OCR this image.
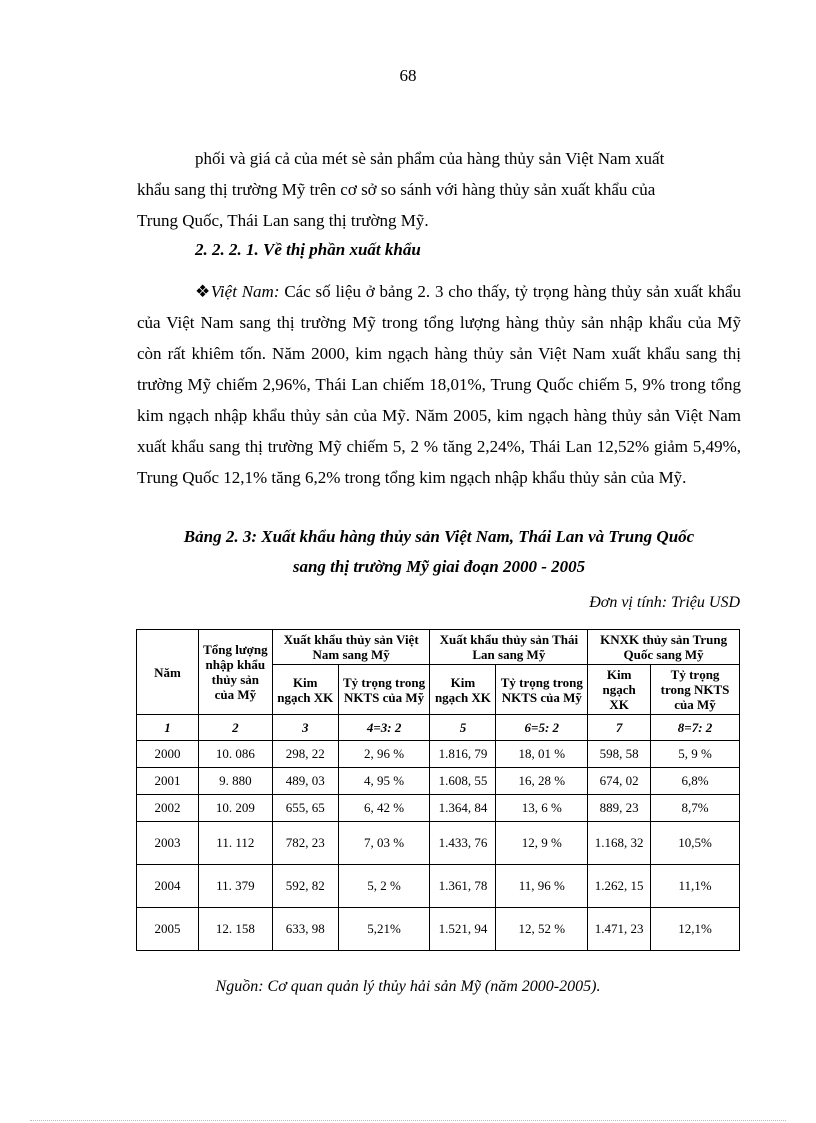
68
phối và giá cả của mét sè sản phẩm của hàng thủy sản Việt Nam xuất
khẩu sang thị trường Mỹ trên cơ sở so sánh với hàng thủy sản xuất khẩu của
Trung Quốc, Thái Lan sang thị trường Mỹ.
2. 2. 2. 1. Về thị phần xuất khẩu
❖Việt Nam: Các số liệu ở bảng 2. 3 cho thấy, tỷ trọng hàng thủy sản xuất khẩu của Việt Nam sang thị trường Mỹ trong tổng lượng hàng thủy sản nhập khẩu của Mỹ còn rất khiêm tốn. Năm 2000, kim ngạch hàng thủy sản Việt Nam xuất khẩu sang thị trường Mỹ chiếm 2,96%, Thái Lan chiếm 18,01%, Trung Quốc chiếm 5, 9% trong tổng kim ngạch nhập khẩu thủy sản của Mỹ. Năm 2005, kim ngạch hàng thủy sản Việt Nam xuất khẩu sang thị trường Mỹ chiếm 5, 2 % tăng 2,24%, Thái Lan 12,52% giảm 5,49%, Trung Quốc 12,1% tăng 6,2% trong tổng kim ngạch nhập khẩu thủy sản của Mỹ.
Bảng 2. 3: Xuất khẩu hàng thủy sản Việt Nam, Thái Lan và Trung Quốc
sang thị trường Mỹ giai đoạn 2000 - 2005
Đơn vị tính: Triệu USD
Năm	Tổng lượng nhập khẩu thủy sản của Mỹ	Xuất khẩu thủy sản Việt Nam sang Mỹ		Xuất khẩu thủy sản Thái Lan sang Mỹ		KNXK thủy sản Trung Quốc sang Mỹ	
		Kim ngạch XK	Tỷ trọng trong NKTS của Mỹ	Kim ngạch XK	Tỷ trọng trong NKTS của Mỹ	Kim ngạch XK	Tỷ trọng trong NKTS của Mỹ
1	2	3	4=3: 2	5	6=5: 2	7	8=7: 2
2000	10. 086	298, 22	2, 96 %	1.816, 79	18, 01 %	598, 58	5, 9 %
2001	9. 880	489, 03	4, 95 %	1.608, 55	16, 28 %	674, 02	6,8%
2002	10. 209	655, 65	6, 42 %	1.364, 84	13, 6 %	889, 23	8,7%
2003	11. 112	782, 23	7, 03 %	1.433, 76	12, 9 %	1.168, 32	10,5%
2004	11. 379	592, 82	5, 2 %	1.361, 78	11, 96 %	1.262, 15	11,1%
2005	12. 158	633, 98	5,21%	1.521, 94	12, 52 %	1.471, 23	12,1%
Nguồn: Cơ quan quản lý thủy hải sản Mỹ (năm 2000-2005).
